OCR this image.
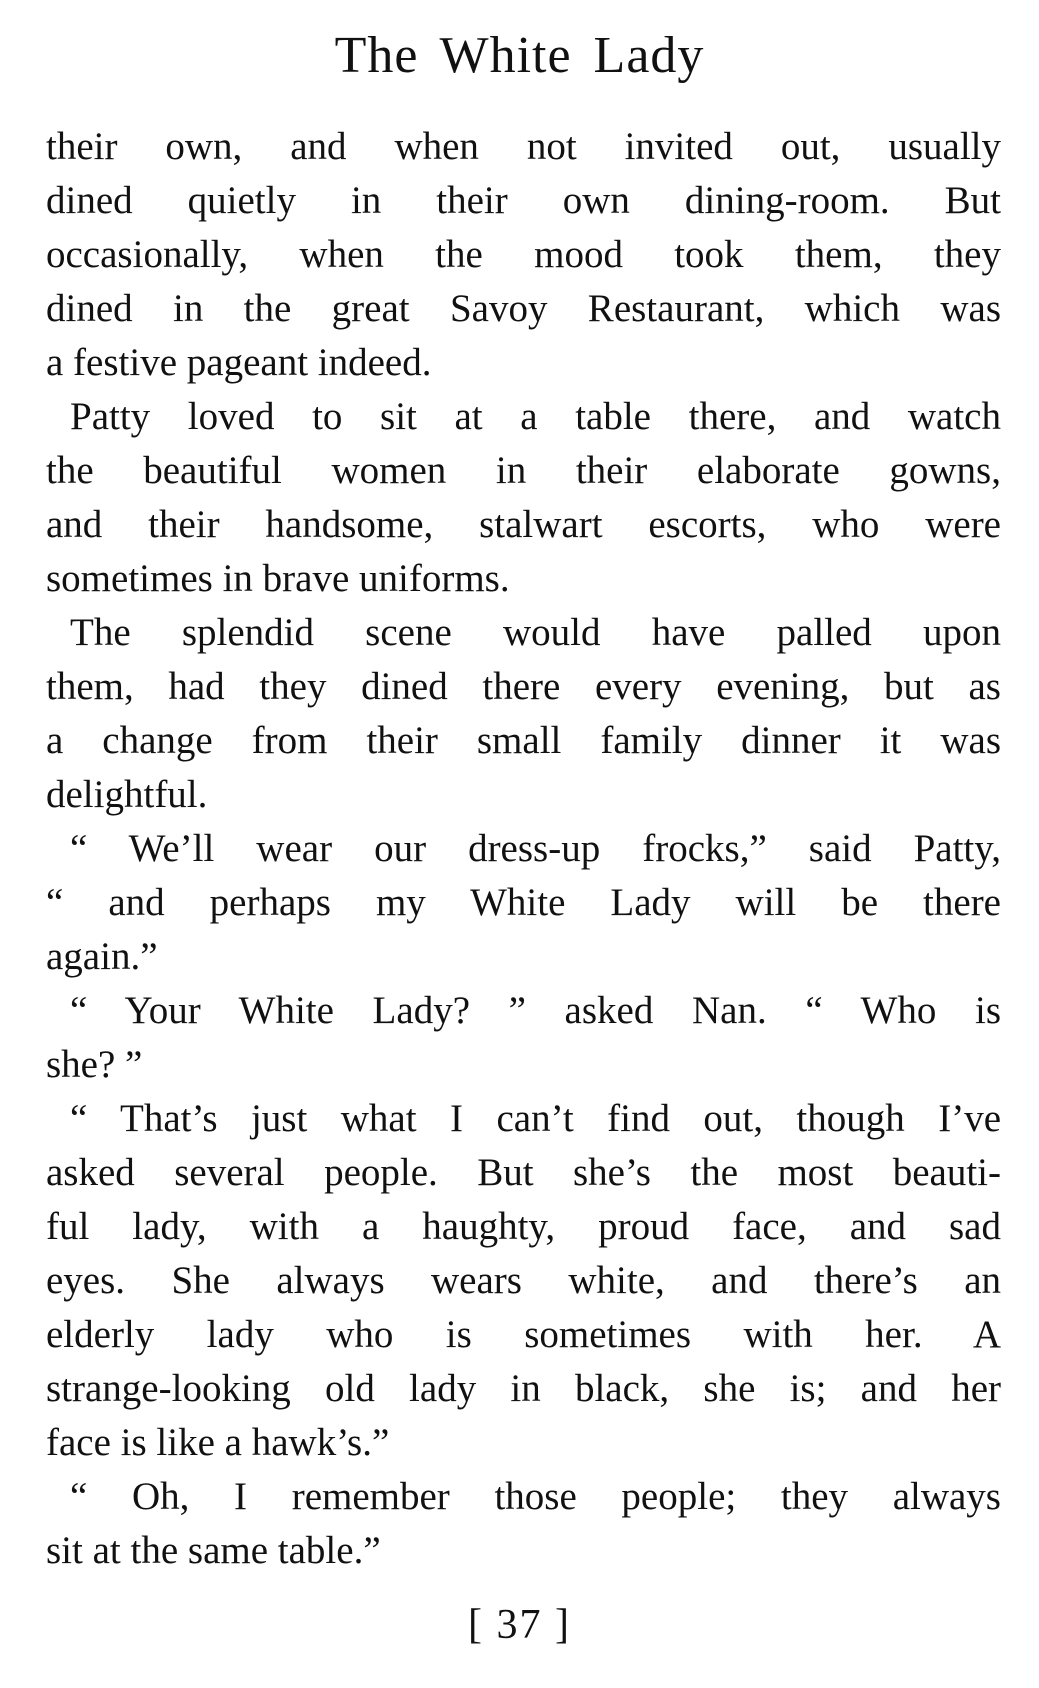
The White Lady
their own, and when not invited out, usually
dined quietly in their own dining-room. But
occasionally, when the mood took them, they
dined in the great Savoy Restaurant, which was
a festive pageant indeed.
Patty loved to sit at a table there, and watch
the beautiful women in their elaborate gowns,
and their handsome, stalwart escorts, who were
sometimes in brave uniforms.
The splendid scene would have palled upon
them, had they dined there every evening, but as
a change from their small family dinner it was
delightful.
“ We’ll wear our dress-up frocks,” said Patty,
“ and perhaps my White Lady will be there
again.”
“ Your White Lady? ” asked Nan. “ Who is
she? ”
“ That’s just what I can’t find out, though I’ve
asked several people. But she’s the most beauti-
ful lady, with a haughty, proud face, and sad
eyes. She always wears white, and there’s an
elderly lady who is sometimes with her. A
strange-looking old lady in black, she is; and her
face is like a hawk’s.”
“ Oh, I remember those people; they always
sit at the same table.”
[ 37 ]
